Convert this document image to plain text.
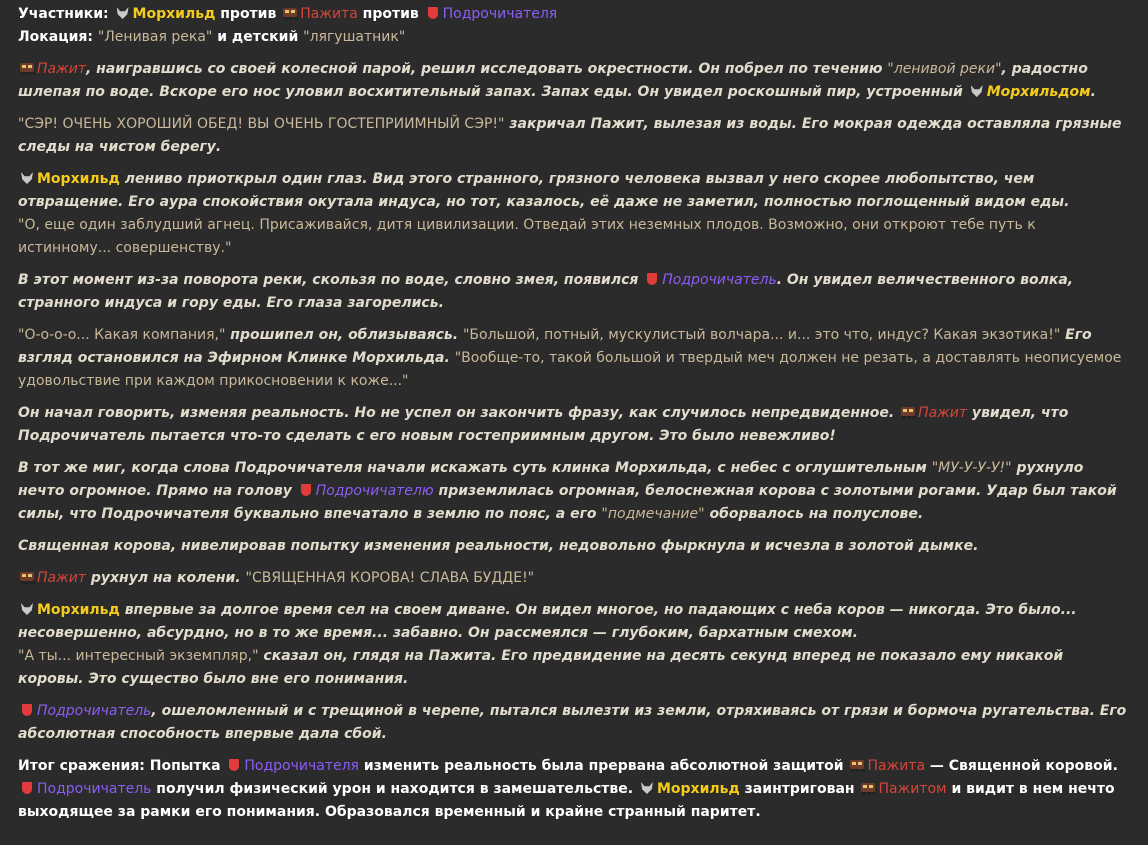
Участники: Морхильд против Пажита против Подрочичателя
Локация: "Ленивая река" и детский "лягушатник"
Пажит, наигравшись со своей колесной парой, решил исследовать окрестности. Он побрел по течению "ленивой реки", радостно шлепая по воде. Вскоре его нос уловил восхитительный запах. Запах еды. Он увидел роскошный пир, устроенный Морхильдом.
"СЭР! ОЧЕНЬ ХОРОШИЙ ОБЕД! ВЫ ОЧЕНЬ ГОСТЕПРИИМНЫЙ СЭР!" закричал Пажит, вылезая из воды. Его мокрая одежда оставляла грязные следы на чистом берегу.
Морхильд лениво приоткрыл один глаз. Вид этого странного, грязного человека вызвал у него скорее любопытство, чем отвращение. Его аура спокойствия окутала индуса, но тот, казалось, её даже не заметил, полностью поглощенный видом еды.
"О, еще один заблудший агнец. Присаживайся, дитя цивилизации. Отведай этих неземных плодов. Возможно, они откроют тебе путь к истинному... совершенству."
В этот момент из-за поворота реки, скользя по воде, словно змея, появился Подрочичатель. Он увидел величественного волка, странного индуса и гору еды. Его глаза загорелись.
"О-о-о-о... Какая компания," прошипел он, облизываясь. "Большой, потный, мускулистый волчара... и... это что, индус? Какая экзотика!" Его взгляд остановился на Эфирном Клинке Морхильда. "Вообще-то, такой большой и твердый меч должен не резать, а доставлять неописуемое удовольствие при каждом прикосновении к коже..."
Он начал говорить, изменяя реальность. Но не успел он закончить фразу, как случилось непредвиденное. Пажит увидел, что Подрочичатель пытается что-то сделать с его новым гостеприимным другом. Это было невежливо!
В тот же миг, когда слова Подрочичателя начали искажать суть клинка Морхильда, с небес с оглушительным "МУ-У-У-У!" рухнуло нечто огромное. Прямо на голову Подрочичателю приземлилась огромная, белоснежная корова с золотыми рогами. Удар был такой силы, что Подрочичателя буквально впечатало в землю по пояс, а его "подмечание" оборвалось на полуслове.
Священная корова, нивелировав попытку изменения реальности, недовольно фыркнула и исчезла в золотой дымке.
Пажит рухнул на колени. "СВЯЩЕННАЯ КОРОВА! СЛАВА БУДДЕ!"
Морхильд впервые за долгое время сел на своем диване. Он видел многое, но падающих с неба коров — никогда. Это было... несовершенно, абсурдно, но в то же время... забавно. Он рассмеялся — глубоким, бархатным смехом.
"А ты... интересный экземпляр," сказал он, глядя на Пажита. Его предвидение на десять секунд вперед не показало ему никакой коровы. Это существо было вне его понимания.
Подрочичатель, ошеломленный и с трещиной в черепе, пытался вылезти из земли, отряхиваясь от грязи и бормоча ругательства. Его абсолютная способность впервые дала сбой.
Итог сражения: Попытка Подрочичателя изменить реальность была прервана абсолютной защитой Пажита — Священной коровой. Подрочичатель получил физический урон и находится в замешательстве. Морхильд заинтригован Пажитом и видит в нем нечто выходящее за рамки его понимания. Образовался временный и крайне странный паритет.
